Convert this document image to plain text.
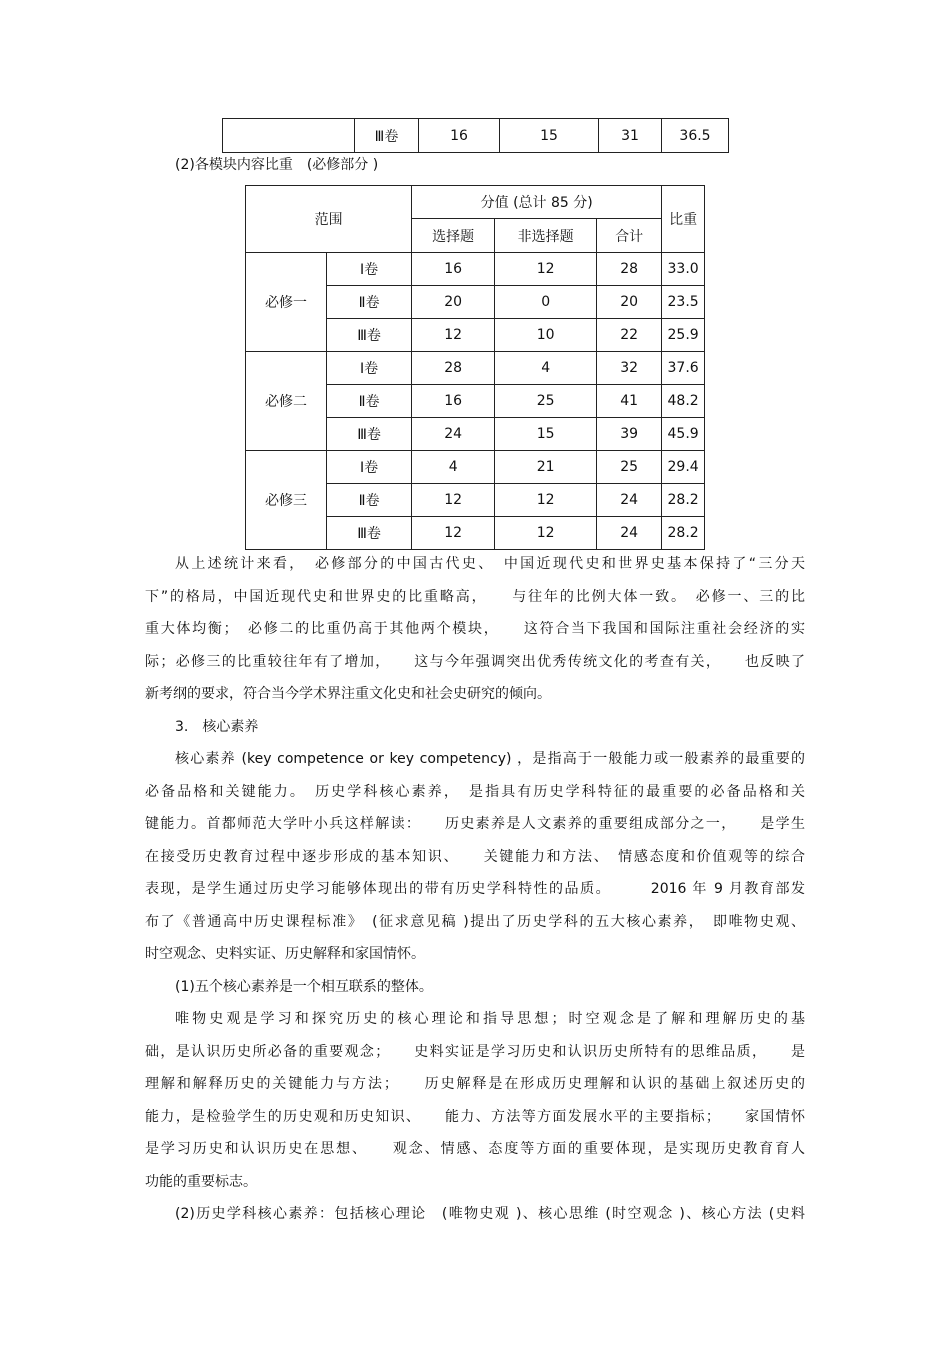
	Ⅲ卷	16	15	31	36.5
(2)各模块内容比重　(必修部分 )
范围		分值 (总计 85 分)			比重
		选择题	非选择题	合计	
必修一	Ⅰ卷	16	12	28	33.0
	Ⅱ卷	20	0	20	23.5
	Ⅲ卷	12	10	22	25.9
必修二	Ⅰ卷	28	4	32	37.6
	Ⅱ卷	16	25	41	48.2
	Ⅲ卷	24	15	39	45.9
必修三	Ⅰ卷	4	21	25	29.4
	Ⅱ卷	12	12	24	28.2
	Ⅲ卷	12	12	24	28.2

从上述统计来看，　必修部分的中国古代史、　中国近现代史和世界史基本保持了“三分天

下”的格局，中国近现代史和世界史的比重略高，　　与往年的比例大体一致。　必修一、三的比

重大体均衡；　必修二的比重仍高于其他两个模块，　　这符合当下我国和国际注重社会经济的实

际；必修三的比重较往年有了增加，　　这与今年强调突出优秀传统文化的考查有关，　　也反映了

新考纲的要求，符合当今学术界注重文化史和社会史研究的倾向。

3.　核心素养

核心素养 (key competence or key competency) ，是指高于一般能力或一般素养的最重要的

必备品格和关键能力。　历史学科核心素养，　是指具有历史学科特征的最重要的必备品格和关

键能力。首都师范大学叶小兵这样解读：　　历史素养是人文素养的重要组成部分之一，　　是学生

在接受历史教育过程中逐步形成的基本知识、　　关键能力和方法、　情感态度和价值观等的综合

表现，是学生通过历史学习能够体现出的带有历史学科特性的品质。　　　2016 年 9 月教育部发

布了《普通高中历史课程标准》　(征求意见稿 )提出了历史学科的五大核心素养，　即唯物史观、

时空观念、史料实证、历史解释和家国情怀。

(1)五个核心素养是一个相互联系的整体。

唯物史观是学习和探究历史的核心理论和指导思想；时空观念是了解和理解历史的基

础，是认识历史所必备的重要观念；　　史料实证是学习历史和认识历史所特有的思维品质，　　是

理解和解释历史的关键能力与方法；　　历史解释是在形成历史理解和认识的基础上叙述历史的

能力，是检验学生的历史观和历史知识、　　能力、方法等方面发展水平的主要指标；　　家国情怀

是学习历史和认识历史在思想、　　观念、情感、态度等方面的重要体现，是实现历史教育育人

功能的重要标志。

(2)历史学科核心素养：包括核心理论　(唯物史观 )、核心思维 (时空观念 )、核心方法 (史料
